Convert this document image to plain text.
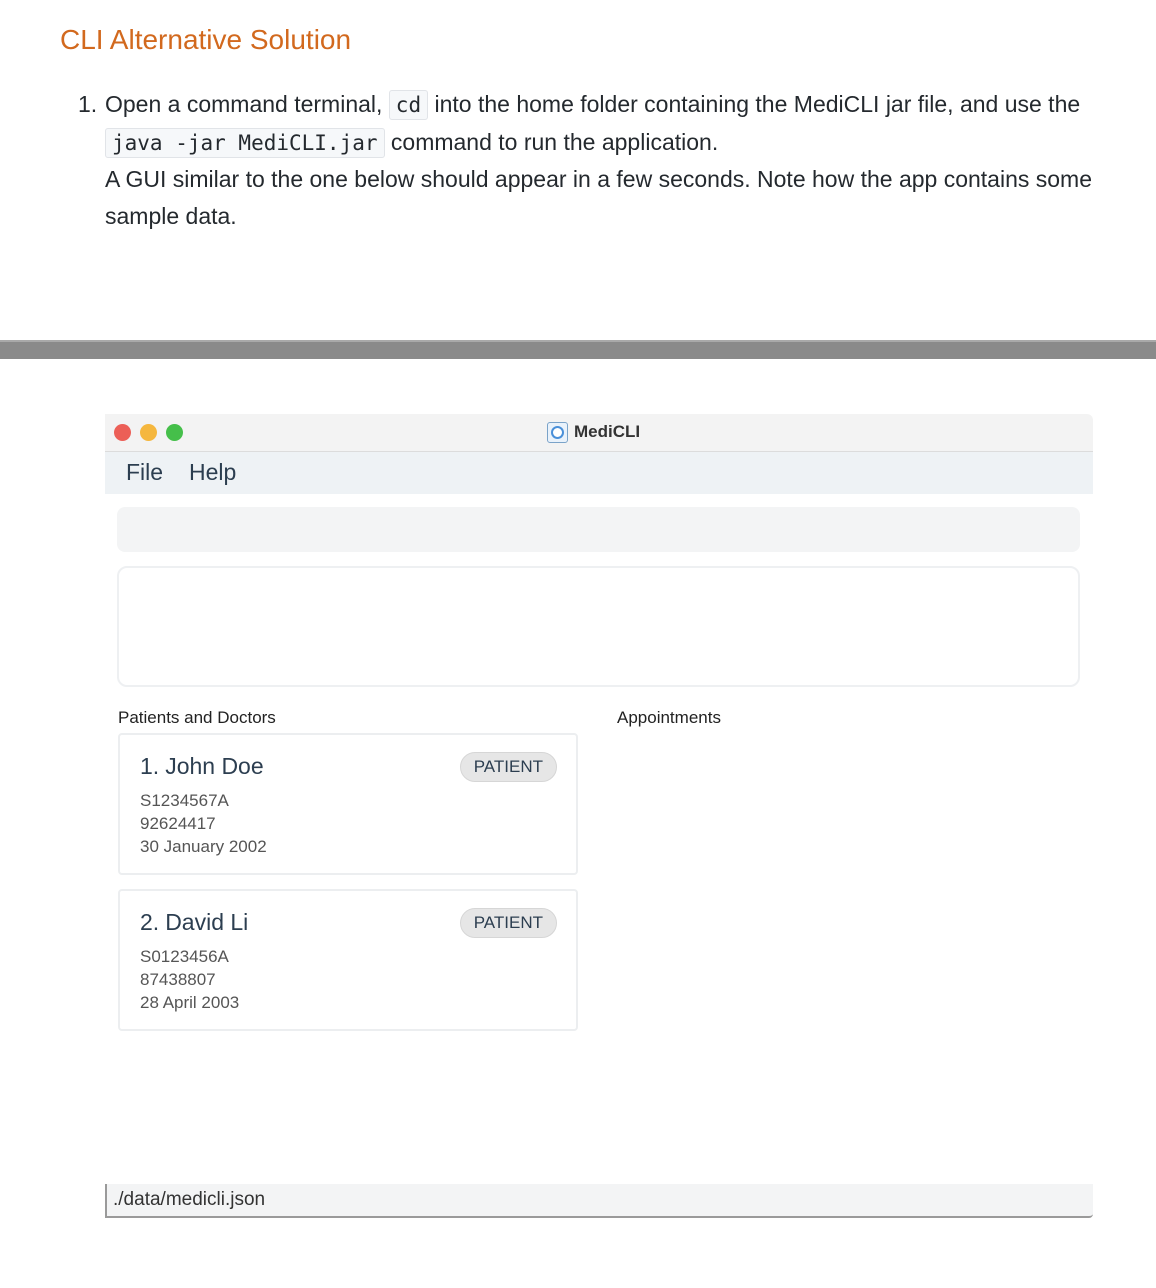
CLI Alternative Solution
1. Open a command terminal, cd into the home folder containing the MediCLI jar file, and use the java -jar MediCLI.jar command to run the application.
A GUI similar to the one below should appear in a few seconds. Note how the app contains some sample data.
MediCLI
File Help
Patients and Doctors	Appointments
1. John Doe	PATIENT
S1234567A
92624417
30 January 2002
2. David Li	PATIENT
S0123456A
87438807
28 April 2003
./data/medicli.json
